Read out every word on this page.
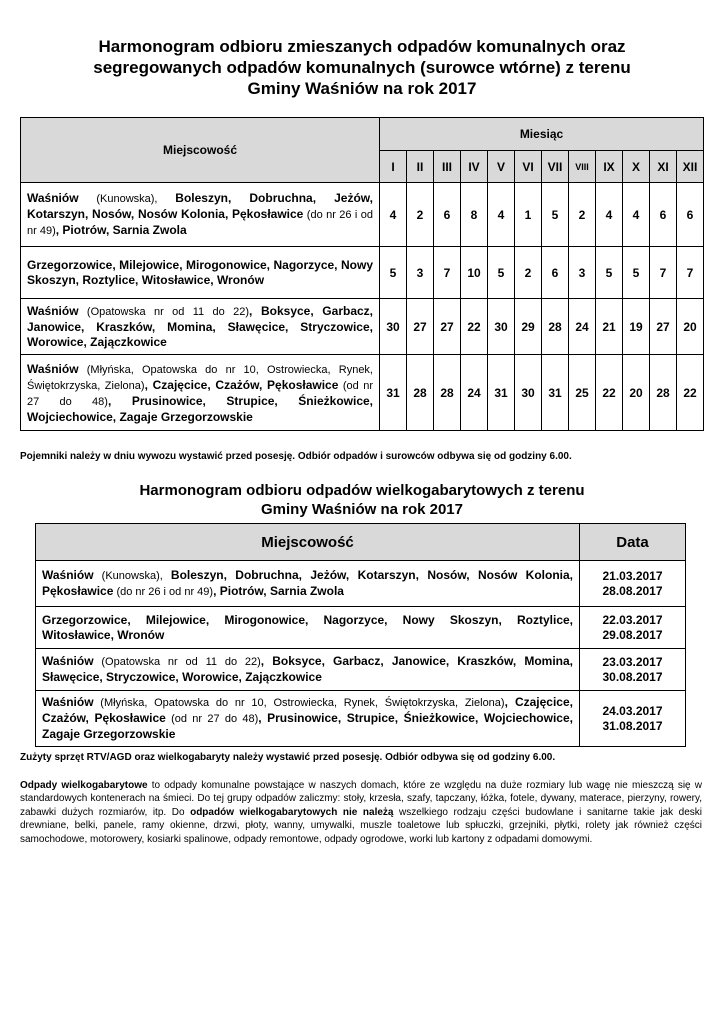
Harmonogram odbioru zmieszanych odpadów komunalnych oraz
segregowanych odpadów komunalnych (surowce wtórne) z terenu
Gminy Waśniów na rok 2017
Miejscowość	Miesiąc											
	I	II	III	IV	V	VI	VII	VIII	IX	X	XI	XII
Waśniów (Kunowska), Boleszyn, Dobruchna, Jeżów, Kotarszyn, Nosów, Nosów Kolonia, Pękosławice (do nr 26 i od nr 49), Piotrów, Sarnia Zwola	4	2	6	8	4	1	5	2	4	4	6	6
Grzegorzowice, Milejowice, Mirogonowice, Nagorzyce, Nowy Skoszyn, Roztylice, Witosławice, Wronów	5	3	7	10	5	2	6	3	5	5	7	7
Waśniów (Opatowska nr od 11 do 22), Boksyce, Garbacz, Janowice, Kraszków, Momina, Sławęcice, Stryczowice, Worowice, Zajączkowice	30	27	27	22	30	29	28	24	21	19	27	20
Waśniów (Młyńska, Opatowska do nr 10, Ostrowiecka, Rynek, Świętokrzyska, Zielona), Czajęcice, Czażów, Pękosławice (od nr 27 do 48), Prusinowice, Strupice, Śnieżkowice, Wojciechowice, Zagaje Grzegorzowskie	31	28	28	24	31	30	31	25	22	20	28	22
Pojemniki należy w dniu wywozu wystawić przed posesję. Odbiór odpadów i surowców odbywa się od godziny 6.00.
Harmonogram odbioru odpadów wielkogabarytowych z terenu
Gminy Waśniów na rok 2017
Miejscowość	Data
Waśniów (Kunowska), Boleszyn, Dobruchna, Jeżów, Kotarszyn, Nosów, Nosów Kolonia, Pękosławice (do nr 26 i od nr 49), Piotrów, Sarnia Zwola	21.03.2017
28.08.2017

Grzegorzowice, Milejowice, Mirogonowice, Nagorzyce, Nowy Skoszyn, Roztylice, Witosławice, Wronów	22.03.2017
29.08.2017

Waśniów (Opatowska nr od 11 do 22), Boksyce, Garbacz, Janowice, Kraszków, Momina, Sławęcice, Stryczowice, Worowice, Zajączkowice	23.03.2017
30.08.2017

Waśniów (Młyńska, Opatowska do nr 10, Ostrowiecka, Rynek, Świętokrzyska, Zielona), Czajęcice, Czażów, Pękosławice (od nr 27 do 48), Prusinowice, Strupice, Śnieżkowice, Wojciechowice, Zagaje Grzegorzowskie	24.03.2017
31.08.2017
Zużyty sprzęt RTV/AGD oraz wielkogabaryty należy wystawić przed posesję. Odbiór odbywa się od godziny 6.00.
Odpady wielkogabarytowe to odpady komunalne powstające w naszych domach, które ze względu na duże rozmiary lub wagę nie mieszczą się w standardowych kontenerach na śmieci. Do tej grupy odpadów zaliczmy: stoły, krzesła, szafy, tapczany, łóżka, fotele, dywany, materace, pierzyny, rowery, zabawki dużych rozmiarów, itp. Do odpadów wielkogabarytowych nie należą wszelkiego rodzaju części budowlane i sanitarne takie jak deski drewniane, belki, panele, ramy okienne, drzwi, płoty, wanny, umywalki, muszle toaletowe lub spłuczki, grzejniki, płytki, rolety jak również części samochodowe, motorowery, kosiarki spalinowe, odpady remontowe, odpady ogrodowe, worki lub kartony z odpadami domowymi.
